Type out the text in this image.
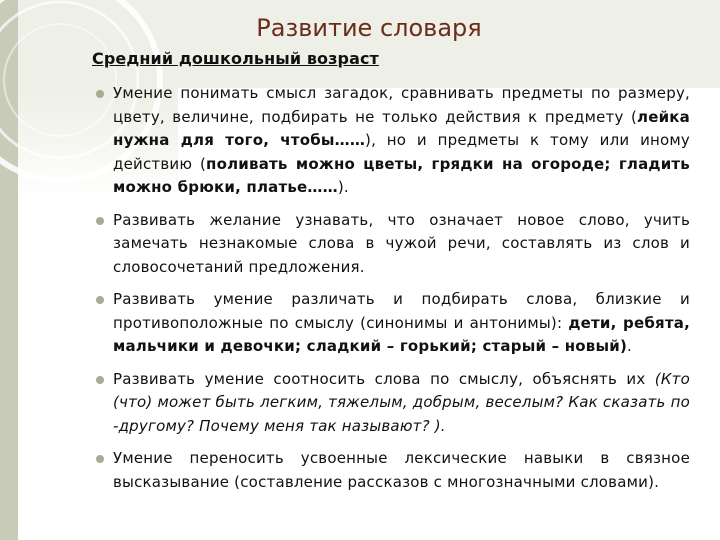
Развитие словаря
Средний дошкольный возраст
Умение понимать смысл загадок, сравнивать предметы по размеру, цвету, величине, подбирать не только действия к предмету (лейка нужна для того, чтобы……), но и предметы к тому или иному действию (поливать можно цветы, грядки на огороде; гладить можно брюки, платье……).
Развивать желание узнавать, что означает новое слово, учить замечать незнакомые слова в чужой речи, составлять из слов и словосочетаний предложения.
Развивать умение различать и подбирать слова, близкие и противоположные по смыслу (синонимы и антонимы): дети, ребята, мальчики и девочки; сладкий – горький; старый – новый).
Развивать умение соотносить слова по смыслу, объяснять их (Кто (что) может быть легким, тяжелым, добрым, веселым? Как сказать по -другому? Почему меня так называют? ).
Умение переносить усвоенные лексические навыки в связное высказывание (составление рассказов с многозначными словами).
